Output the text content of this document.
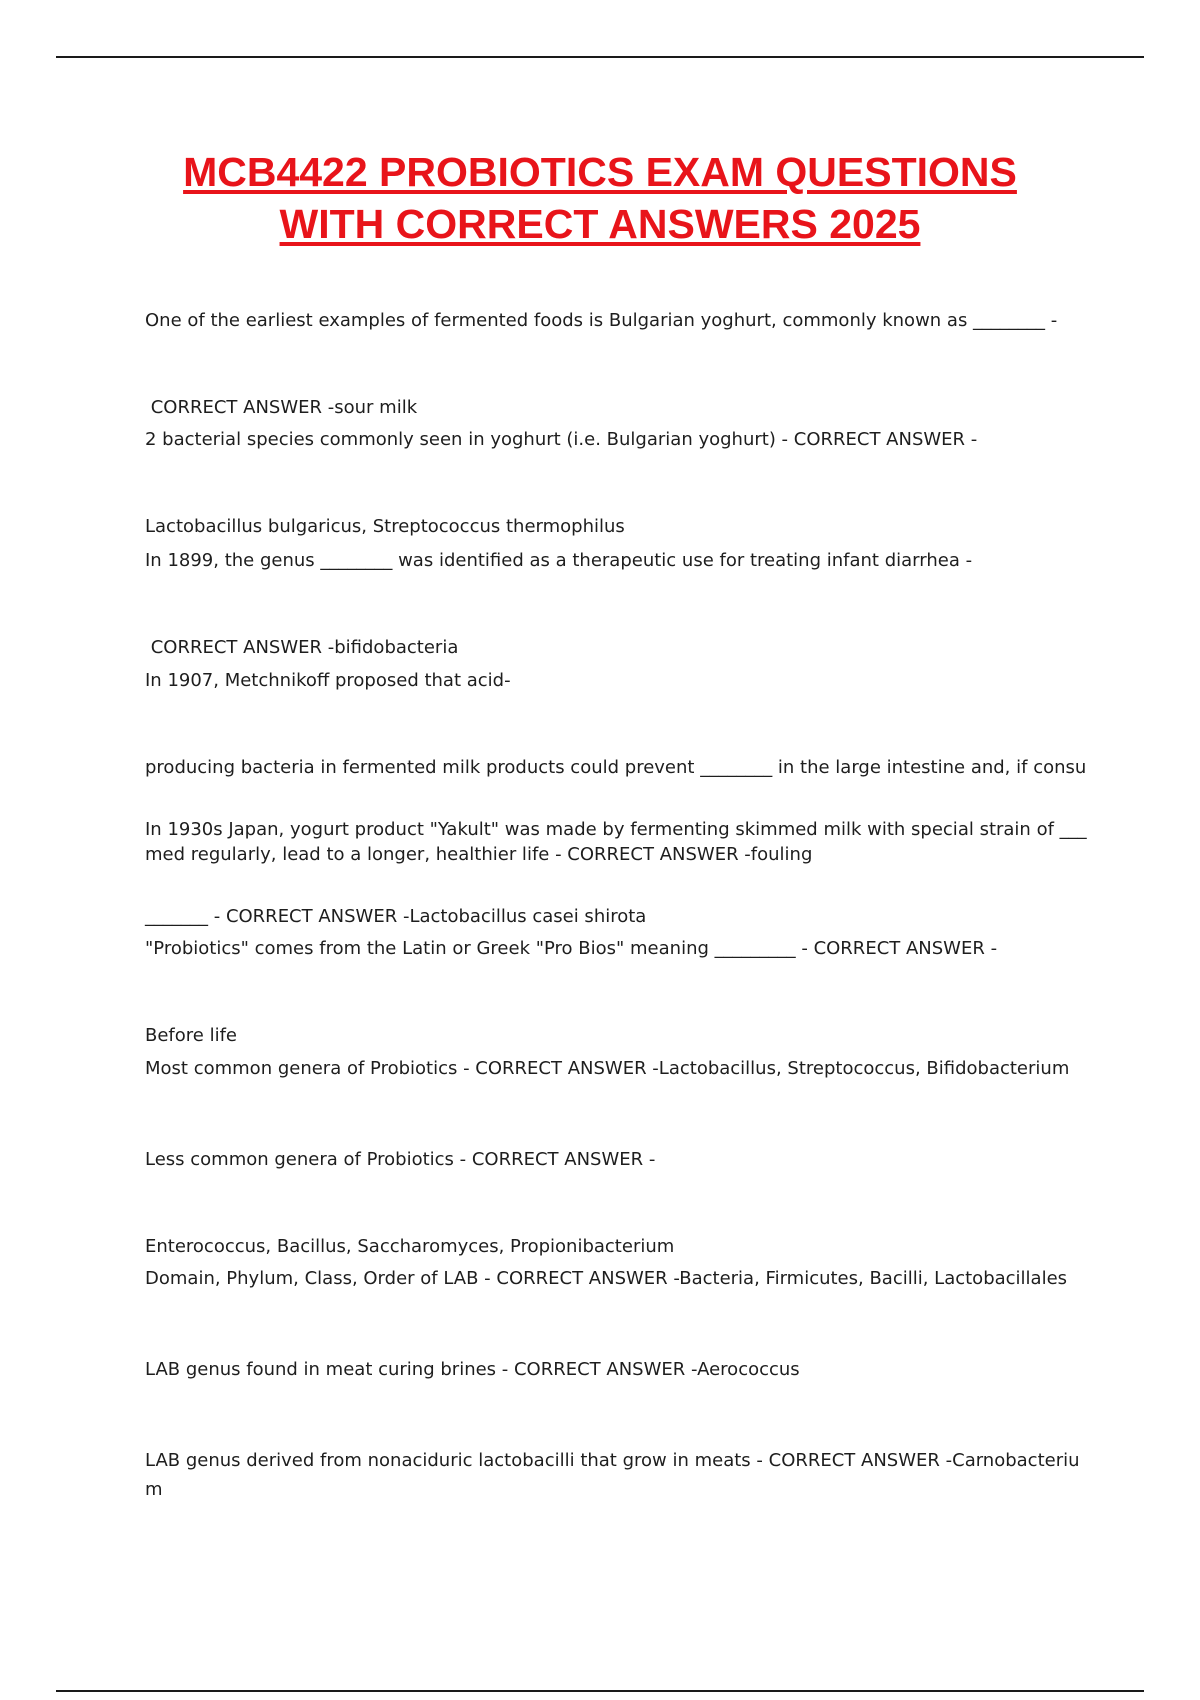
MCB4422 PROBIOTICS EXAM QUESTIONS
WITH CORRECT ANSWERS 2025

One of the earliest examples of fermented foods is Bulgarian yoghurt, commonly known as ________ -

CORRECT ANSWER -sour milk

2 bacterial species commonly seen in yoghurt (i.e. Bulgarian yoghurt) - CORRECT ANSWER -

Lactobacillus bulgaricus, Streptococcus thermophilus

In 1899, the genus ________ was identified as a therapeutic use for treating infant diarrhea -

CORRECT ANSWER -bifidobacteria

In 1907, Metchnikoff proposed that acid-

producing bacteria in fermented milk products could prevent ________ in the large intestine and, if consu

med regularly, lead to a longer, healthier life - CORRECT ANSWER -fouling

In 1930s Japan, yogurt product "Yakult" was made by fermenting skimmed milk with special strain of ___

_______ - CORRECT ANSWER -Lactobacillus casei shirota

"Probiotics" comes from the Latin or Greek "Pro Bios" meaning _________ - CORRECT ANSWER -

Before life

Most common genera of Probiotics - CORRECT ANSWER -Lactobacillus, Streptococcus, Bifidobacterium

Less common genera of Probiotics - CORRECT ANSWER -

Enterococcus, Bacillus, Saccharomyces, Propionibacterium

Domain, Phylum, Class, Order of LAB - CORRECT ANSWER -Bacteria, Firmicutes, Bacilli, Lactobacillales

LAB genus found in meat curing brines - CORRECT ANSWER -Aerococcus

LAB genus derived from nonaciduric lactobacilli that grow in meats - CORRECT ANSWER -Carnobacterium
